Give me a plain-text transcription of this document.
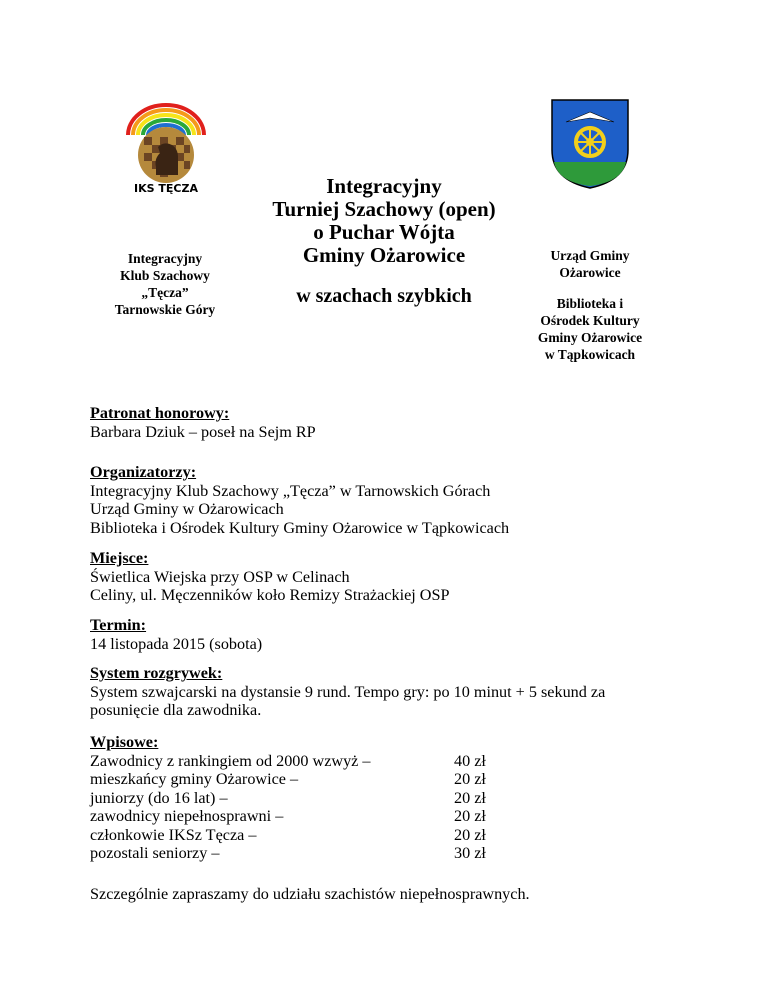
IKS TĘCZA
Integracyjny
Klub Szachowy
„Tęcza”
Tarnowskie Góry
Integracyjny
Turniej Szachowy (open)
o Puchar Wójta
Gminy Ożarowice
w szachach szybkich
Urząd Gminy
Ożarowice
Biblioteka i
Ośrodek Kultury
Gminy Ożarowice
w Tąpkowicach
Patronat honorowy:
Barbara Dziuk – poseł na Sejm RP
Organizatorzy:
Integracyjny Klub Szachowy „Tęcza” w Tarnowskich Górach
Urząd Gminy w Ożarowicach
Biblioteka i Ośrodek Kultury Gminy Ożarowice w Tąpkowicach
Miejsce:
Świetlica Wiejska przy OSP w Celinach
Celiny, ul. Męczenników koło Remizy Strażackiej OSP
Termin:
14 listopada 2015 (sobota)
System rozgrywek:
System szwajcarski na dystansie 9 rund. Tempo gry: po 10 minut + 5 sekund za
posunięcie dla zawodnika.
Wpisowe:
Zawodnicy z rankingiem od 2000 wzwyż –	40 zł
mieszkańcy gminy Ożarowice –	20 zł
juniorzy (do 16 lat) –	20 zł
zawodnicy niepełnosprawni –	20 zł
członkowie IKSz Tęcza –	20 zł
pozostali seniorzy –	30 zł
Szczególnie zapraszamy do udziału szachistów niepełnosprawnych.
